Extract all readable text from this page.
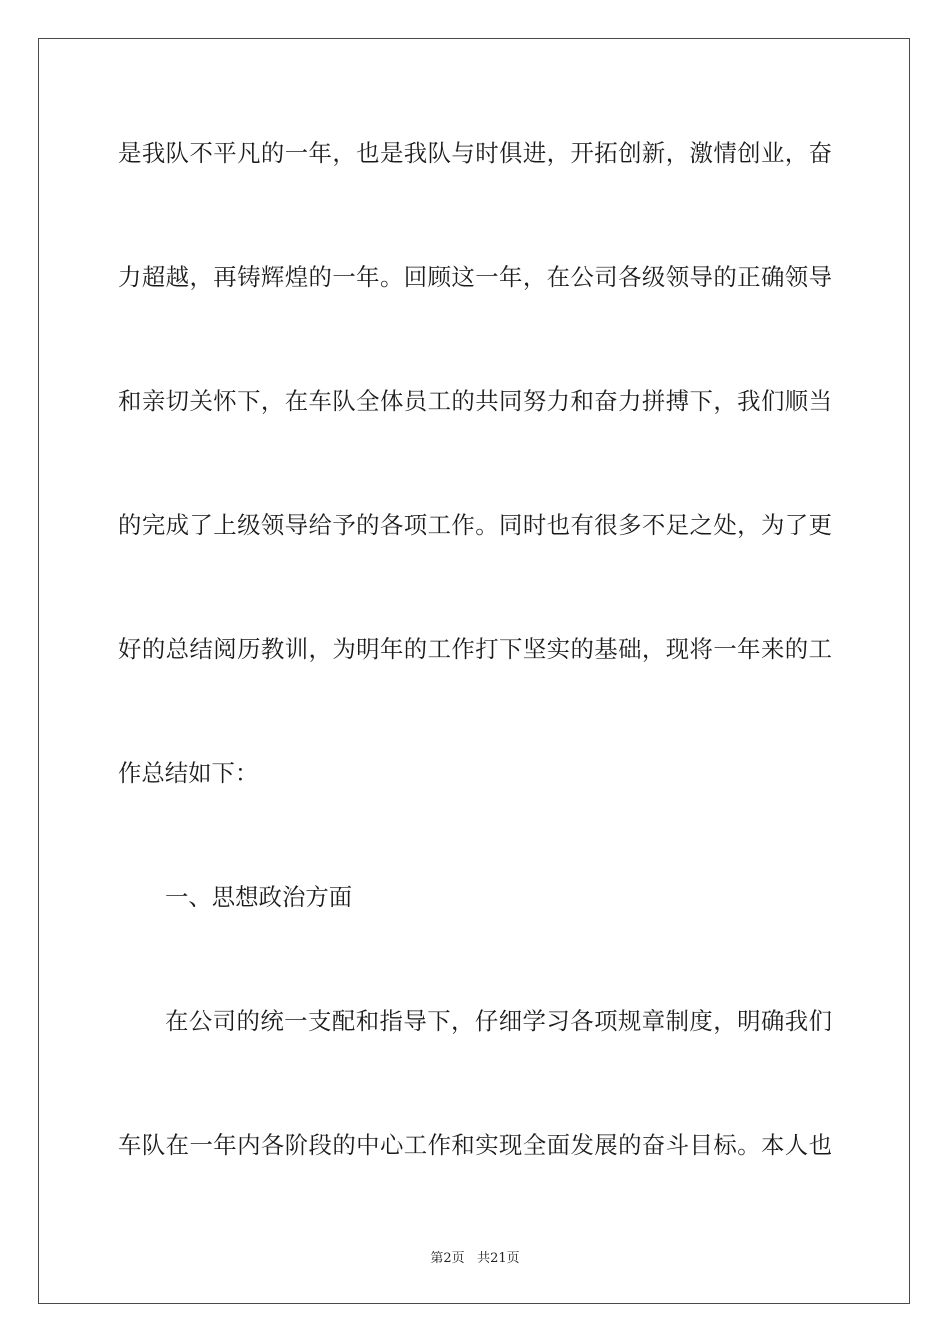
是我队不平凡的一年，也是我队与时俱进，开拓创新，激情创业，奋
力超越，再铸辉煌的一年。回顾这一年，在公司各级领导的正确领导
和亲切关怀下，在车队全体员工的共同努力和奋力拼搏下，我们顺当
的完成了上级领导给予的各项工作。同时也有很多不足之处，为了更
好的总结阅历教训，为明年的工作打下坚实的基础，现将一年来的工
作总结如下：
一、思想政治方面
在公司的统一支配和指导下，仔细学习各项规章制度，明确我们
车队在一年内各阶段的中心工作和实现全面发展的奋斗目标。本人也
第2页 共21页
